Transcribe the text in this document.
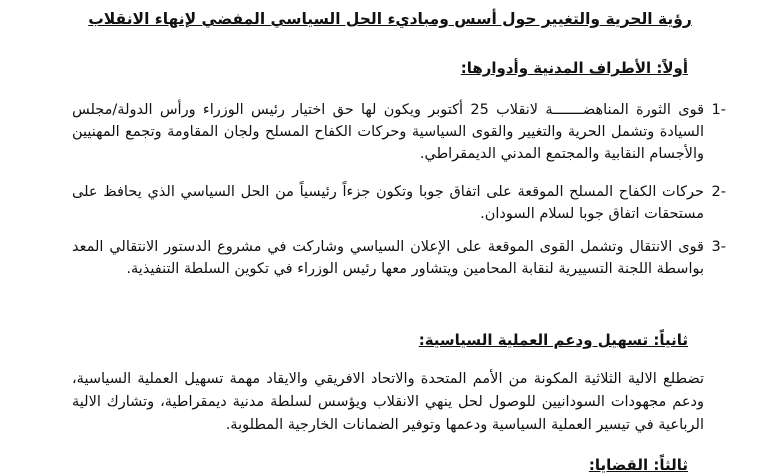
رؤية الحرية والتغيير حول أسس ومباديء الحل السياسي المفضي لإنهاء الانقلاب
أولاً: الأطراف المدنية وأدوارها:
-1
قوى الثورة المناهضـــــــة لانقلاب 25 أكتوبر ويكون لها حق اختيار رئيس الوزراء ورأس الدولة/مجلس السيادة وتشمل الحرية والتغيير والقوى السياسية وحركات الكفاح المسلح ولجان المقاومة وتجمع المهنيين والأجسام النقابية والمجتمع المدني الديمقراطي.
-2
حركات الكفاح المسلح الموقعة على اتفاق جوبا وتكون جزءاً رئيسياً من الحل السياسي الذي يحافظ على مستحقات اتفاق جوبا لسلام السودان.
-3
قوى الانتقال وتشمل القوى الموقعة على الإعلان السياسي وشاركت في مشروع الدستور الانتقالي المعد بواسطة اللجنة التسييرية لنقابة المحامين ويتشاور معها رئيس الوزراء في تكوين السلطة التنفيذية.
ثانياً: تسهيل ودعم العملية السياسية:
تضطلع الالية الثلاثية المكونة من الأمم المتحدة والاتحاد الافريقي والايقاد مهمة تسهيل العملية السياسية، ودعم مجهودات السودانيين للوصول لحل ينهي الانقلاب ويؤسس لسلطة مدنية ديمقراطية، وتشارك الالية الرباعية في تيسير العملية السياسية ودعمها وتوفير الضمانات الخارجية المطلوبة.
ثالثاً: القضايا:
